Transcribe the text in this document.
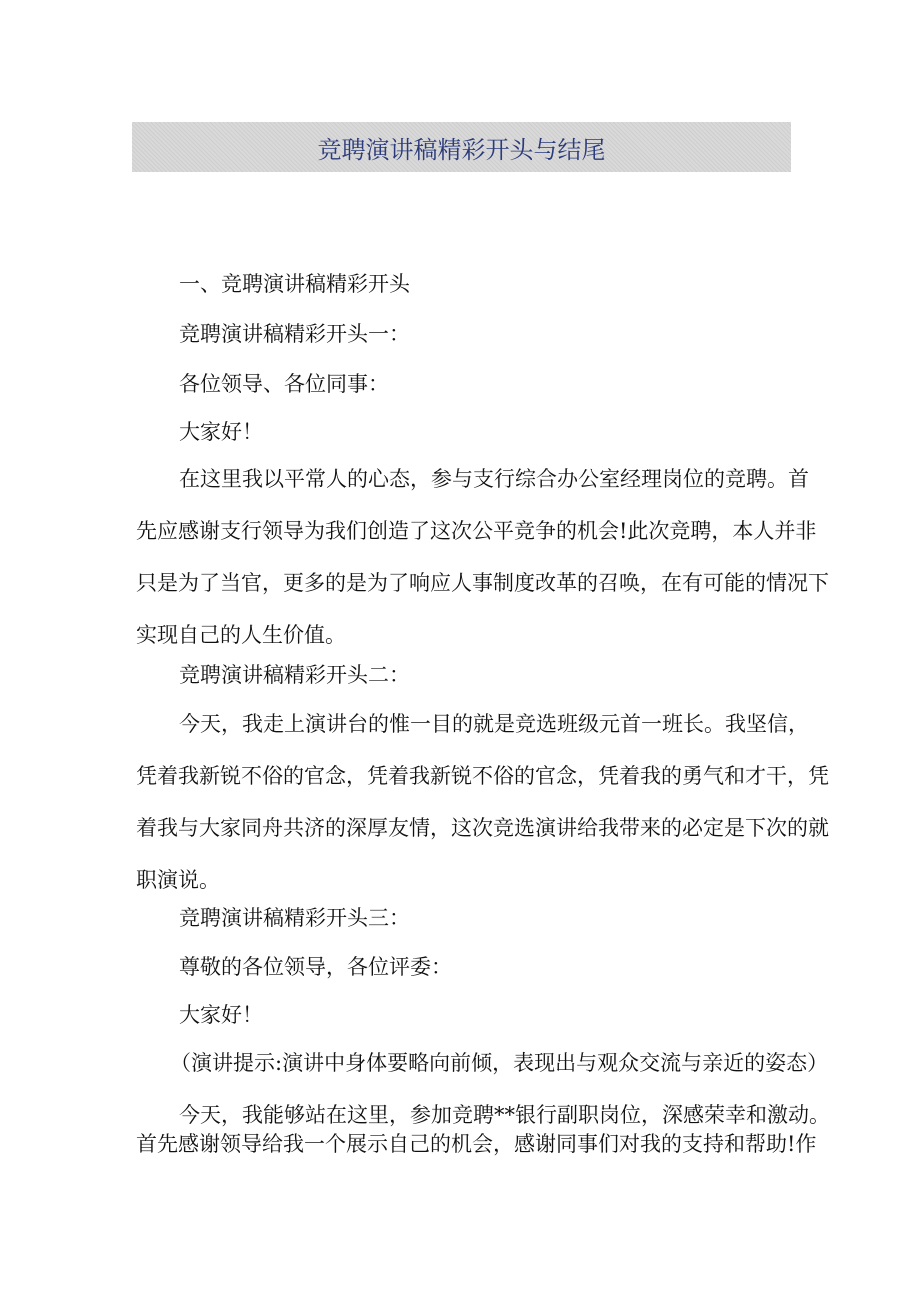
竞聘演讲稿精彩开头与结尾
一、竞聘演讲稿精彩开头
竞聘演讲稿精彩开头一：
各位领导、各位同事：
大家好！
在这里我以平常人的心态，参与支行综合办公室经理岗位的竞聘。首
先应感谢支行领导为我们创造了这次公平竞争的机会!此次竞聘，本人并非
只是为了当官，更多的是为了响应人事制度改革的召唤，在有可能的情况下
实现自己的人生价值。
竞聘演讲稿精彩开头二：
今天，我走上演讲台的惟一目的就是竞选班级元首一班长。我坚信，
凭着我新锐不俗的官念，凭着我新锐不俗的官念，凭着我的勇气和才干，凭
着我与大家同舟共济的深厚友情，这次竞选演讲给我带来的必定是下次的就
职演说。
竞聘演讲稿精彩开头三：
尊敬的各位领导，各位评委：
大家好！
（演讲提示:演讲中身体要略向前倾，表现出与观众交流与亲近的姿态）
今天，我能够站在这里，参加竞聘**银行副职岗位，深感荣幸和激动。
首先感谢领导给我一个展示自己的机会，感谢同事们对我的支持和帮助!作
